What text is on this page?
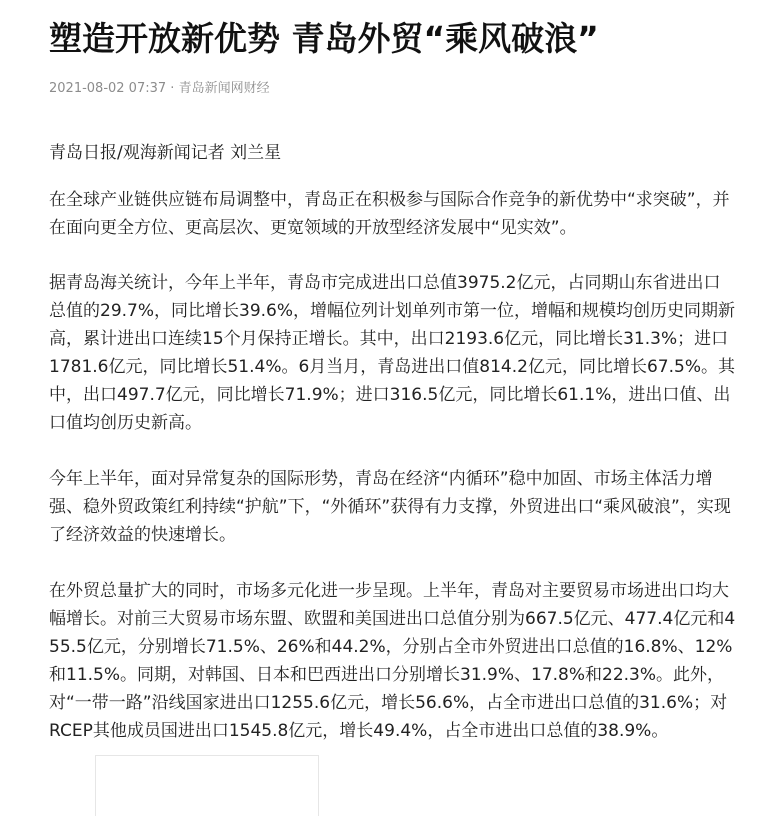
塑造开放新优势 青岛外贸“乘风破浪”
2021-08-02 07:37 · 青岛新闻网财经

青岛日报/观海新闻记者 刘兰星

在全球产业链供应链布局调整中，青岛正在积极参与国际合作竞争的新优势中“求突破”，并在面向更全方位、更高层次、更宽领域的开放型经济发展中“见实效”。

据青岛海关统计，今年上半年，青岛市完成进出口总值3975.2亿元，占同期山东省进出口总值的29.7%，同比增长39.6%，增幅位列计划单列市第一位，增幅和规模均创历史同期新高，累计进出口连续15个月保持正增长。其中，出口2193.6亿元，同比增长31.3%；进口1781.6亿元，同比增长51.4%。6月当月，青岛进出口值814.2亿元，同比增长67.5%。其中，出口497.7亿元，同比增长71.9%；进口316.5亿元，同比增长61.1%，进出口值、出口值均创历史新高。

今年上半年，面对异常复杂的国际形势，青岛在经济“内循环”稳中加固、市场主体活力增强、稳外贸政策红利持续“护航”下，“外循环”获得有力支撑，外贸进出口“乘风破浪”，实现了经济效益的快速增长。

在外贸总量扩大的同时，市场多元化进一步呈现。上半年，青岛对主要贸易市场进出口均大幅增长。对前三大贸易市场东盟、欧盟和美国进出口总值分别为667.5亿元、477.4亿元和455.5亿元，分别增长71.5%、26%和44.2%，分别占全市外贸进出口总值的16.8%、12%和11.5%。同期，对韩国、日本和巴西进出口分别增长31.9%、17.8%和22.3%。此外，对“一带一路”沿线国家进出口1255.6亿元，增长56.6%，占全市进出口总值的31.6%；对RCEP其他成员国进出口1545.8亿元，增长49.4%，占全市进出口总值的38.9%。
